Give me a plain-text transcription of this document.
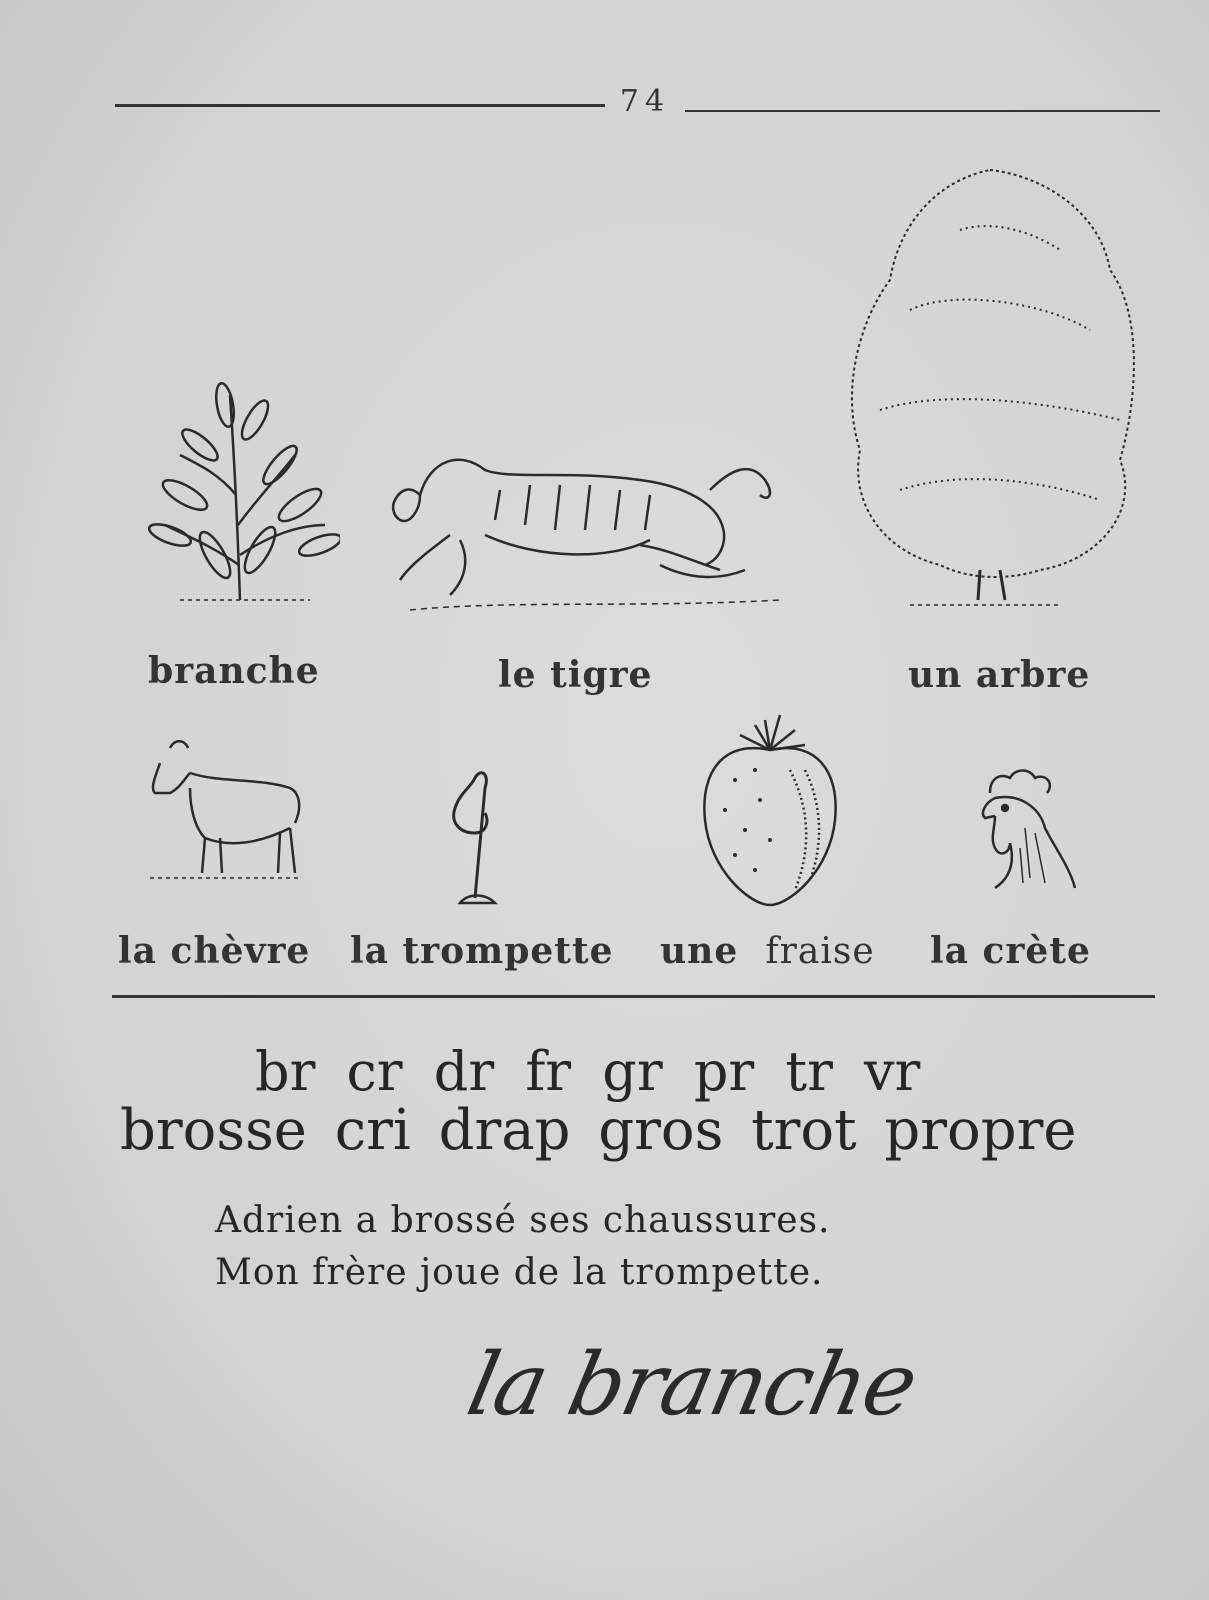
74
branche	le tigre	un arbre
la chèvre la trompette une  fraise la crète
br cr dr fr gr pr tr vr
brosse cri drap gros trot propre
Adrien a brossé ses chaussures.
Mon frère joue de la trompette.
la branche
